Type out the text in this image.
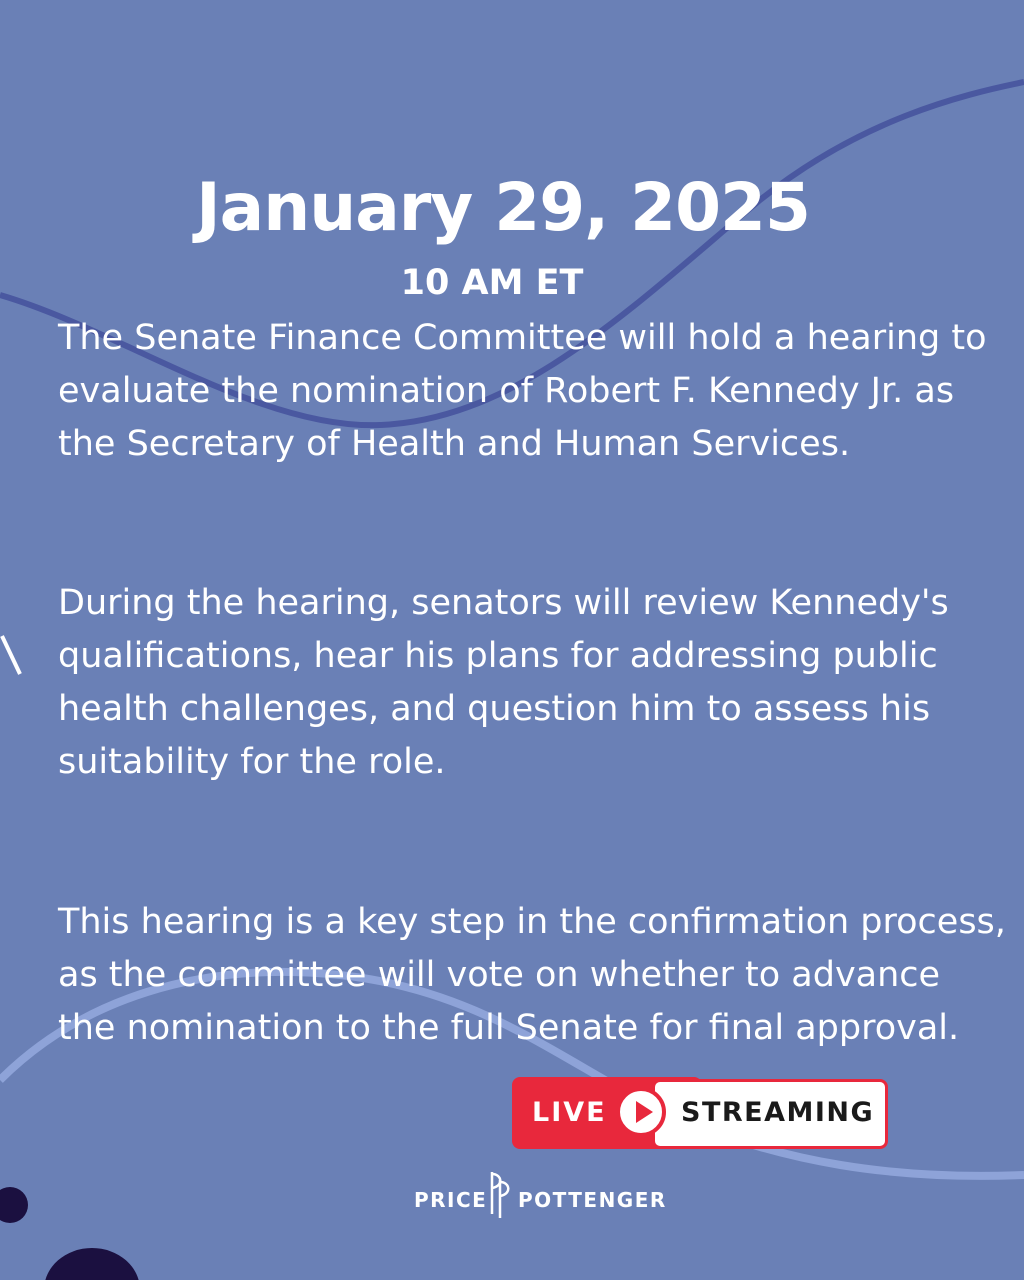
January 29, 2025
10 AM ET

The Senate Finance Committee will hold a hearing to evaluate the nomination of Robert F. Kennedy Jr. as the Secretary of Health and Human Services.

During the hearing, senators will review Kennedy's qualifications, hear his plans for addressing public health challenges, and question him to assess his suitability for the role.

This hearing is a key step in the confirmation process, as the committee will vote on whether to advance the nomination to the full Senate for final approval.

LIVE	STREAMING
PRICE POTTENGER
